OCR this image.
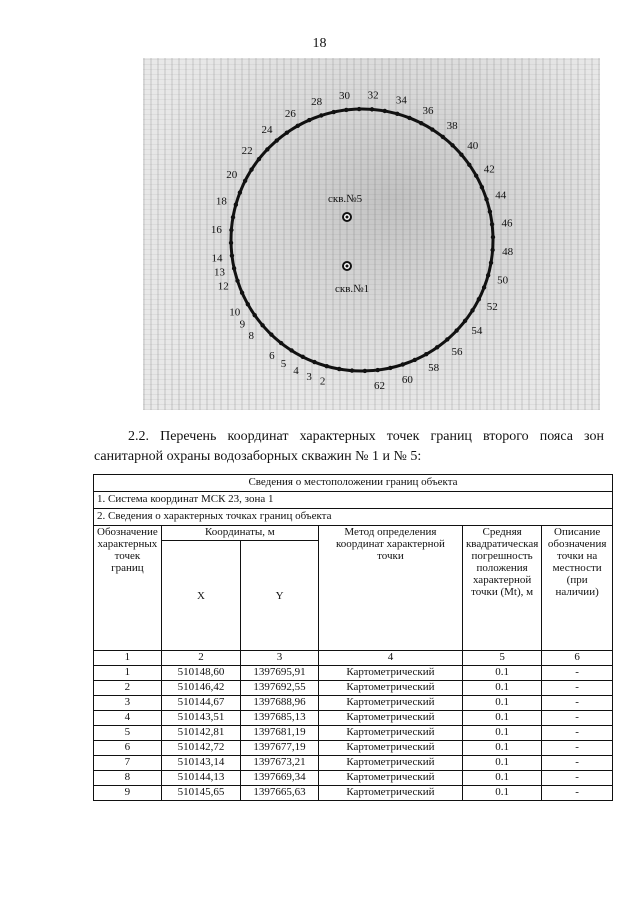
18
2
3
4
5
6
8
9
10
12
13
14
16
18
20
22
24
26
28
30 32 34
36
38
40
42
44
46
48
50
52
54
56
58
60
62
скв.№5
скв.№1
2.2. Перечень координат характерных точек границ второго пояса зон санитарной охраны водозаборных скважин № 1 и № 5:
Сведения о местоположении границ объекта					
1. Система координат МСК 23, зона 1					
2. Сведения о характерных точках границ объекта					
Обозначение характерных точек границ	Координаты, м		Метод определения координат характерной точки	Средняя квадратическая погрешность положения характерной точки (Mt), м	Описание обозначения точки на местности (при наличии)
	X	Y			
1	2	3	4	5	6
1	510148,60	1397695,91	Картометрический	0.1	-
2	510146,42	1397692,55	Картометрический	0.1	-
3	510144,67	1397688,96	Картометрический	0.1	-
4	510143,51	1397685,13	Картометрический	0.1	-
5	510142,81	1397681,19	Картометрический	0.1	-
6	510142,72	1397677,19	Картометрический	0.1	-
7	510143,14	1397673,21	Картометрический	0.1	-
8	510144,13	1397669,34	Картометрический	0.1	-
9	510145,65	1397665,63	Картометрический	0.1	-
